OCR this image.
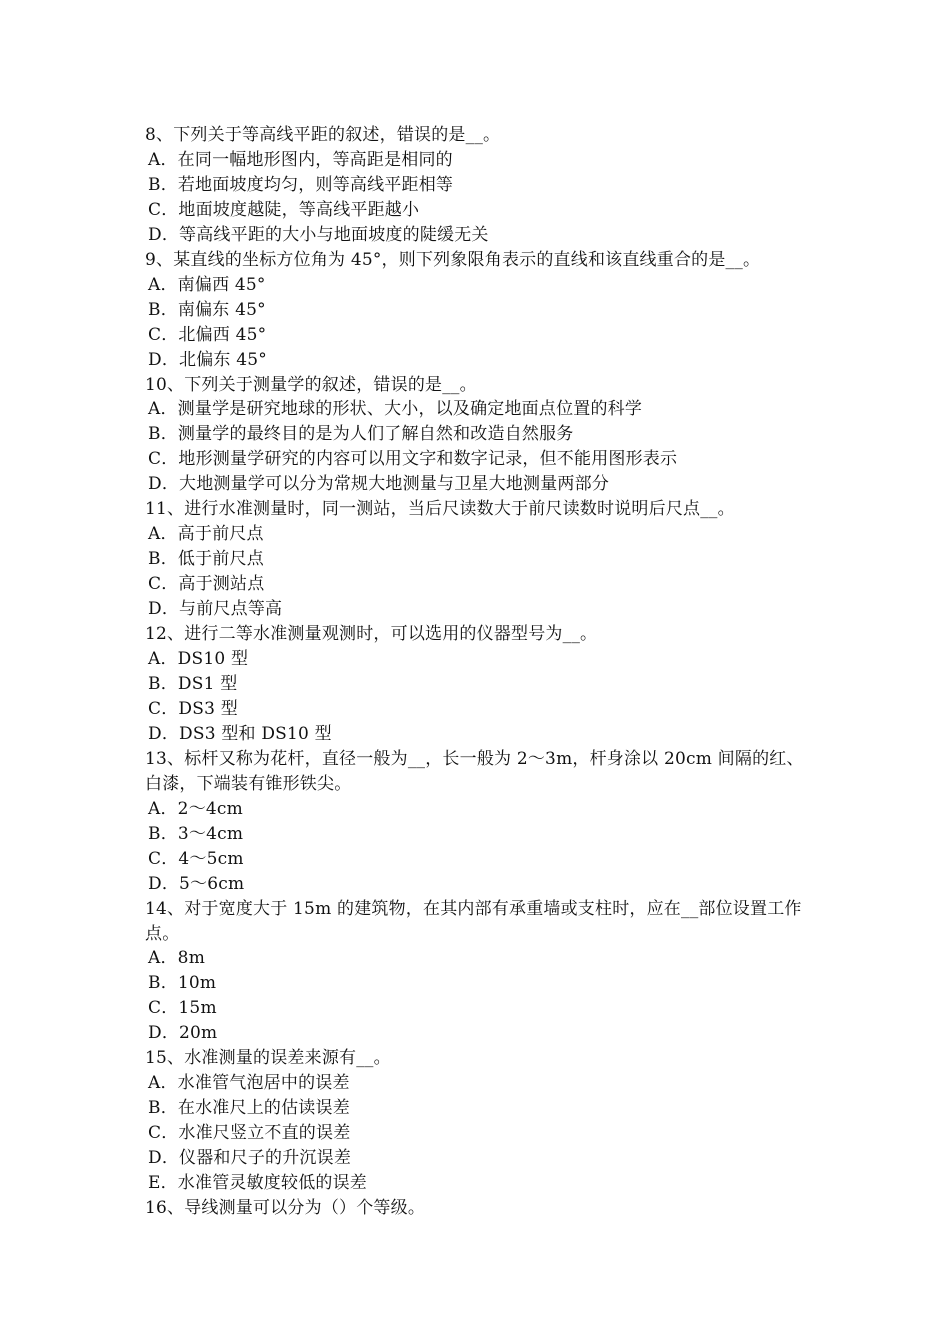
8、下列关于等高线平距的叙述，错误的是__。

A．在同一幅地形图内，等高距是相同的

B．若地面坡度均匀，则等高线平距相等

C．地面坡度越陡，等高线平距越小

D．等高线平距的大小与地面坡度的陡缓无关

9、某直线的坐标方位角为 45°，则下列象限角表示的直线和该直线重合的是__。

A．南偏西 45°

B．南偏东 45°

C．北偏西 45°

D．北偏东 45°

10、下列关于测量学的叙述，错误的是__。

A．测量学是研究地球的形状、大小，以及确定地面点位置的科学

B．测量学的最终目的是为人们了解自然和改造自然服务

C．地形测量学研究的内容可以用文字和数字记录，但不能用图形表示

D．大地测量学可以分为常规大地测量与卫星大地测量两部分

11、进行水准测量时，同一测站，当后尺读数大于前尺读数时说明后尺点__。

A．高于前尺点

B．低于前尺点

C．高于测站点

D．与前尺点等高

12、进行二等水准测量观测时，可以选用的仪器型号为__。

A．DS10 型

B．DS1 型

C．DS3 型

D．DS3 型和 DS10 型

13、标杆又称为花杆，直径一般为__，长一般为 2～3m，杆身涂以 20cm 间隔的红、白漆，下端装有锥形铁尖。

A．2～4cm

B．3～4cm

C．4～5cm

D．5～6cm

14、对于宽度大于 15m 的建筑物，在其内部有承重墙或支柱时，应在__部位设置工作点。

A．8m

B．10m

C．15m

D．20m

15、水准测量的误差来源有__。

A．水准管气泡居中的误差

B．在水准尺上的估读误差

C．水准尺竖立不直的误差

D．仪器和尺子的升沉误差

E．水准管灵敏度较低的误差

16、导线测量可以分为（）个等级。
